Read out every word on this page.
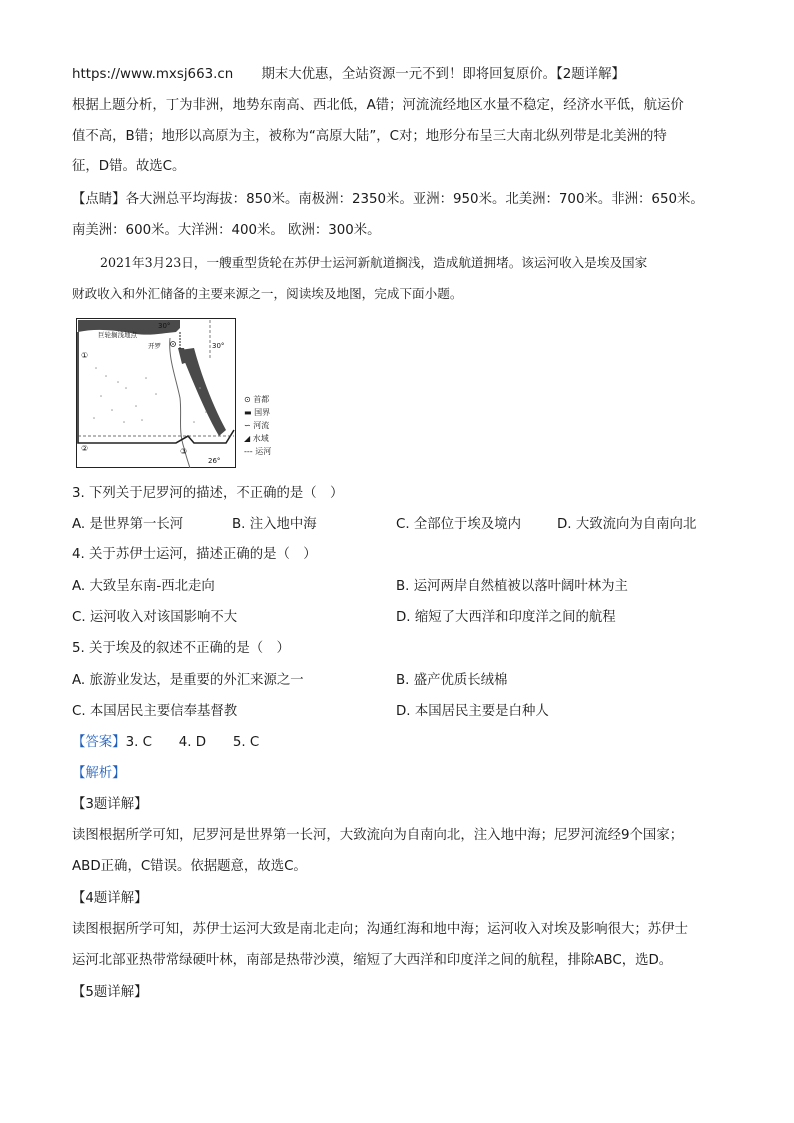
https://www.mxsj663.cn 期末大优惠，全站资源一元不到！即将回复原价。【2题详解】
根据上题分析，丁为非洲，地势东南高、西北低，A错；河流流经地区水量不稳定，经济水平低，航运价
值不高，B错；地形以高原为主，被称为“高原大陆”，C对；地形分布呈三大南北纵列带是北美洲的特
征，D错。故选C。
【点睛】各大洲总平均海拔：850米。南极洲：2350米。亚洲：950米。北美洲：700米。非洲：650米。
南美洲：600米。大洋洲：400米。 欧洲：300米。
2021年3月23日，一艘重型货轮在苏伊士运河新航道搁浅，造成航道拥堵。该运河收入是埃及国家
财政收入和外汇储备的主要来源之一，阅读埃及地图，完成下面小题。
30°
30°
26°
巨轮搁浅地点
开罗
①
②	③
⊙ 首都
▬ 国界
∽ 河流
◢ 水域
--- 运河
3. 下列关于尼罗河的描述，不正确的是（　）
A. 是世界第一长河	B. 注入地中海	C. 全部位于埃及境内	D. 大致流向为自南向北
4. 关于苏伊士运河，描述正确的是（　）
A. 大致呈东南-西北走向	B. 运河两岸自然植被以落叶阔叶林为主
C. 运河收入对该国影响不大	D. 缩短了大西洋和印度洋之间的航程
5. 关于埃及的叙述不正确的是（　）
A. 旅游业发达，是重要的外汇来源之一	B. 盛产优质长绒棉
C. 本国居民主要信奉基督教	D. 本国居民主要是白种人
【答案】3. C　　4. D　　5. C
【解析】
【3题详解】
读图根据所学可知，尼罗河是世界第一长河，大致流向为自南向北，注入地中海；尼罗河流经9个国家；
ABD正确，C错误。依据题意，故选C。
【4题详解】
读图根据所学可知，苏伊士运河大致是南北走向；沟通红海和地中海；运河收入对埃及影响很大；苏伊士
运河北部亚热带常绿硬叶林，南部是热带沙漠，缩短了大西洋和印度洋之间的航程，排除ABC，选D。
【5题详解】
